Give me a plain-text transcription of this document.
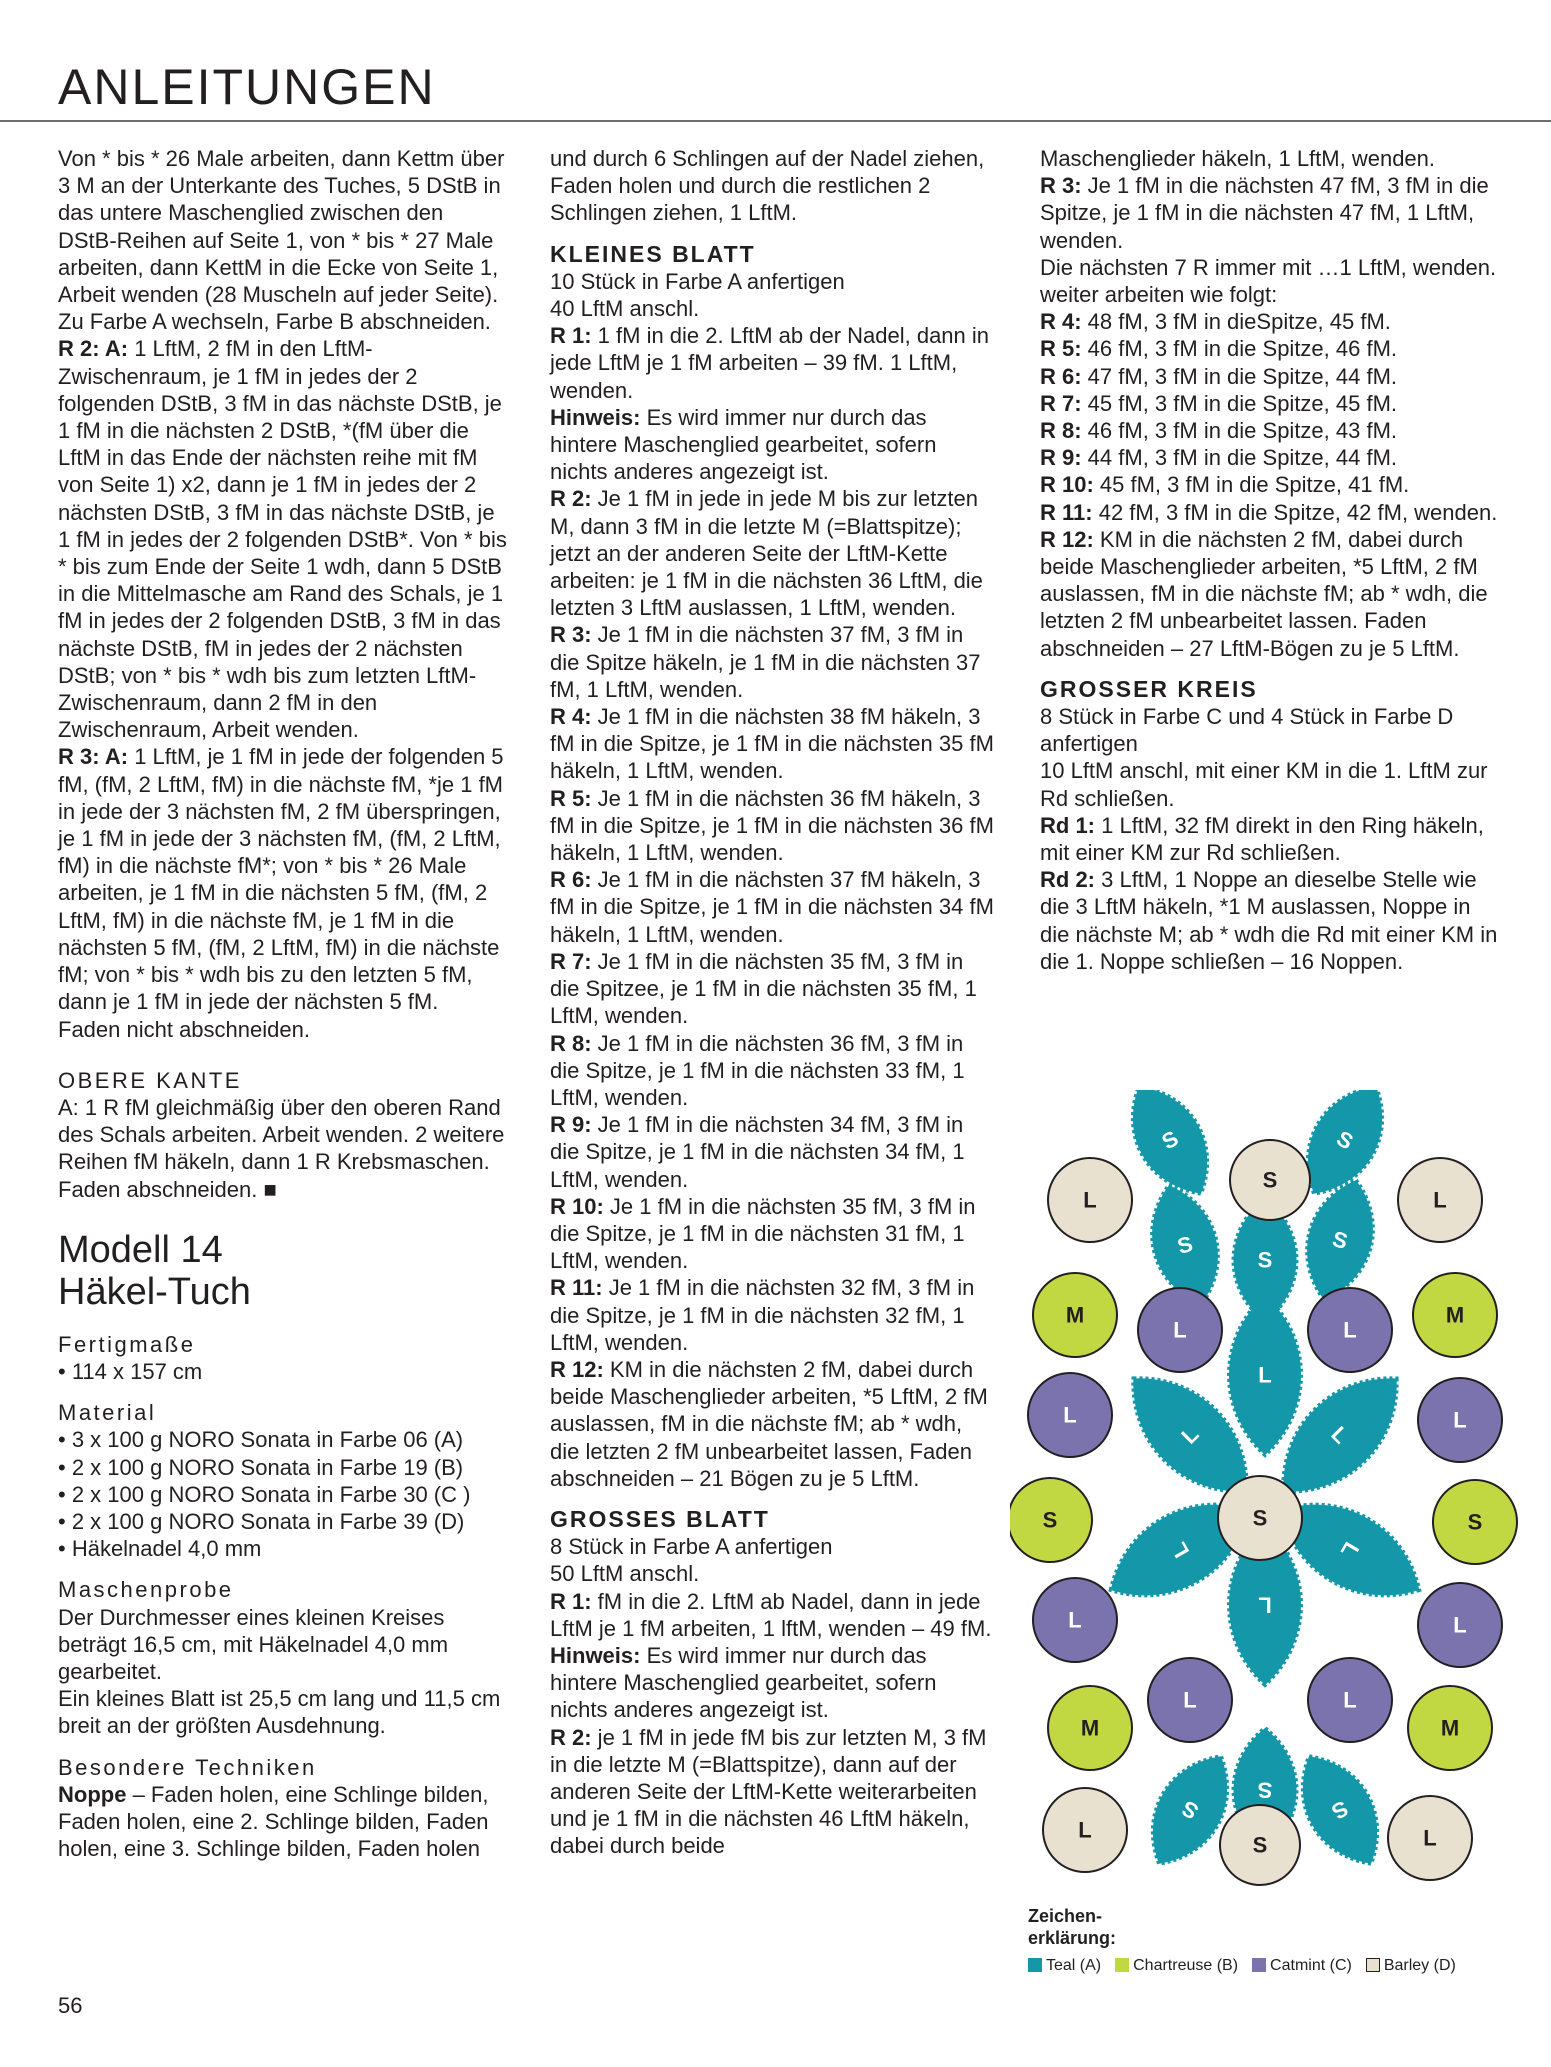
ANLEITUNGEN

Von * bis * 26 Male arbeiten, dann Kettm über 3 M an der Unterkante des Tuches, 5 DStB in das untere Maschenglied zwischen den DStB-Reihen auf Seite 1, von * bis * 27 Male arbeiten, dann KettM in die Ecke von Seite 1, Arbeit wenden (28 Muscheln auf jeder Seite). Zu Farbe A wechseln, Farbe B abschneiden.

R 2: A: 1 LftM, 2 fM in den LftM-Zwischenraum, je 1 fM in jedes der 2 folgenden DStB, 3 fM in das nächste DStB, je 1 fM in die nächsten 2 DStB, *(fM über die LftM in das Ende der nächsten reihe mit fM von Seite 1) x2, dann je 1 fM in jedes der 2 nächsten DStB, 3 fM in das nächste DStB, je 1 fM in jedes der 2 folgenden DStB*. Von * bis * bis zum Ende der Seite 1 wdh, dann 5 DStB in die Mittelmasche am Rand des Schals, je 1 fM in jedes der 2 folgenden DStB, 3 fM in das nächste DStB, fM in jedes der 2 nächsten DStB; von * bis * wdh bis zum letzten LftM-Zwischenraum, dann 2 fM in den Zwischenraum, Arbeit wenden.

R 3: A: 1 LftM, je 1 fM in jede der folgenden 5 fM, (fM, 2 LftM, fM) in die nächste fM, *je 1 fM in jede der 3 nächsten fM, 2 fM überspringen, je 1 fM in jede der 3 nächsten fM, (fM, 2 LftM, fM) in die nächste fM*; von * bis * 26 Male arbeiten, je 1 fM in die nächsten 5 fM, (fM, 2 LftM, fM) in die nächste fM, je 1 fM in die nächsten 5 fM, (fM, 2 LftM, fM) in die nächste fM; von * bis * wdh bis zu den letzten 5 fM, dann je 1 fM in jede der nächsten 5 fM.

Faden nicht abschneiden.

OBERE KANTE

A: 1 R fM gleichmäßig über den oberen Rand des Schals arbeiten. Arbeit wenden. 2 weitere Reihen fM häkeln, dann 1 R Krebsmaschen. Faden abschneiden. ■

Modell 14
Häkel-Tuch

Fertigmaße

• 114 x 157 cm

Material

• 3 x 100 g NORO Sonata in Farbe 06 (A)

• 2 x 100 g NORO Sonata in Farbe 19 (B)

• 2 x 100 g NORO Sonata in Farbe 30 (C )

• 2 x 100 g NORO Sonata in Farbe 39 (D)

• Häkelnadel 4,0 mm

Maschenprobe

Der Durchmesser eines kleinen Kreises beträgt 16,5 cm, mit Häkelnadel 4,0 mm gearbeitet.

Ein kleines Blatt ist 25,5 cm lang und 11,5 cm breit an der größten Ausdehnung.

Besondere Techniken

Noppe – Faden holen, eine Schlinge bilden, Faden holen, eine 2. Schlinge bilden, Faden holen, eine 3. Schlinge bilden, Faden holen

und durch 6 Schlingen auf der Nadel ziehen, Faden holen und durch die restlichen 2 Schlingen ziehen, 1 LftM.

KLEINES BLATT

10 Stück in Farbe A anfertigen
40 LftM anschl.

R 1: 1 fM in die 2. LftM ab der Nadel, dann in jede LftM je 1 fM arbeiten – 39 fM. 1 LftM, wenden.

Hinweis: Es wird immer nur durch das hintere Maschenglied gearbeitet, sofern nichts anderes angezeigt ist.

R 2: Je 1 fM in jede in jede M bis zur letzten M, dann 3 fM in die letzte M (=Blattspitze); jetzt an der anderen Seite der LftM-Kette arbeiten: je 1 fM in die nächsten 36 LftM, die letzten 3 LftM auslassen, 1 LftM, wenden.

R 3: Je 1 fM in die nächsten 37 fM, 3 fM in die Spitze häkeln, je 1 fM in die nächsten 37 fM, 1 LftM, wenden.

R 4: Je 1 fM in die nächsten 38 fM häkeln, 3 fM in die Spitze, je 1 fM in die nächsten 35 fM häkeln, 1 LftM, wenden.

R 5: Je 1 fM in die nächsten 36 fM häkeln, 3 fM in die Spitze, je 1 fM in die nächsten 36 fM häkeln, 1 LftM, wenden.

R 6: Je 1 fM in die nächsten 37 fM häkeln, 3 fM in die Spitze, je 1 fM in die nächsten 34 fM häkeln, 1 LftM, wenden.

R 7: Je 1 fM in die nächsten 35 fM, 3 fM in die Spitzee, je 1 fM in die nächsten 35 fM, 1 LftM, wenden.

R 8: Je 1 fM in die nächsten 36 fM, 3 fM in die Spitze, je 1 fM in die nächsten 33 fM, 1 LftM, wenden.

R 9: Je 1 fM in die nächsten 34 fM, 3 fM in die Spitze, je 1 fM in die nächsten 34 fM, 1 LftM, wenden.

R 10: Je 1 fM in die nächsten 35 fM, 3 fM in die Spitze, je 1 fM in die nächsten 31 fM, 1 LftM, wenden.

R 11: Je 1 fM in die nächsten 32 fM, 3 fM in die Spitze, je 1 fM in die nächsten 32 fM, 1 LftM, wenden.

R 12: KM in die nächsten 2 fM, dabei durch beide Maschenglieder arbeiten, *5 LftM, 2 fM auslassen, fM in die nächste fM; ab * wdh, die letzten 2 fM unbearbeitet lassen, Faden abschneiden – 21 Bögen zu je 5 LftM.

GROSSES BLATT

8 Stück in Farbe A anfertigen
50 LftM anschl.

R 1: fM in die 2. LftM ab Nadel, dann in jede LftM je 1 fM arbeiten, 1 lftM, wenden – 49 fM.

Hinweis: Es wird immer nur durch das hintere Maschenglied gearbeitet, sofern nichts anderes angezeigt ist.

R 2: je 1 fM in jede fM bis zur letzten M, 3 fM in die letzte M (=Blattspitze), dann auf der anderen Seite der LftM-Kette weiterarbeiten und je 1 fM in die nächsten 46 LftM häkeln, dabei durch beide

Maschenglieder häkeln, 1 LftM, wenden.

R 3: Je 1 fM in die nächsten 47 fM, 3 fM in die Spitze, je 1 fM in die nächsten 47 fM, 1 LftM, wenden.

Die nächsten 7 R immer mit …1 LftM, wenden. weiter arbeiten wie folgt:

R 4: 48 fM, 3 fM in dieSpitze, 45 fM.

R 5: 46 fM, 3 fM in die Spitze, 46 fM.

R 6: 47 fM, 3 fM in die Spitze, 44 fM.

R 7: 45 fM, 3 fM in die Spitze, 45 fM.

R 8: 46 fM, 3 fM in die Spitze, 43 fM.

R 9: 44 fM, 3 fM in die Spitze, 44 fM.

R 10: 45 fM, 3 fM in die Spitze, 41 fM.

R 11: 42 fM, 3 fM in die Spitze, 42 fM, wenden.

R 12: KM in die nächsten 2 fM, dabei durch beide Maschenglieder arbeiten, *5 LftM, 2 fM auslassen, fM in die nächste fM; ab * wdh, die letzten 2 fM unbearbeitet lassen. Faden abschneiden – 27 LftM-Bögen zu je 5 LftM.

GROSSER KREIS

8 Stück in Farbe C und 4 Stück in Farbe D anfertigen
10 LftM anschl, mit einer KM in die 1. LftM zur Rd schließen.

Rd 1: 1 LftM, 32 fM direkt in den Ring häkeln, mit einer KM zur Rd schließen.

Rd 2: 3 LftM, 1 Noppe an dieselbe Stelle wie die 3 LftM häkeln, *1 M auslassen, Noppe in die nächste M; ab * wdh die Rd mit einer KM in die 1. Noppe schließen – 16 Noppen.

S	S
S	S
S
L
L	L
L	L
L
S
S	S
L
S
L
M
L	L
M
L	L
S	S	S
L	L
L	L
M	M
L
S	L
Zeichen-
erklärung:
Teal (A)	Chartreuse (B)	Catmint (C)	Barley (D)
56
